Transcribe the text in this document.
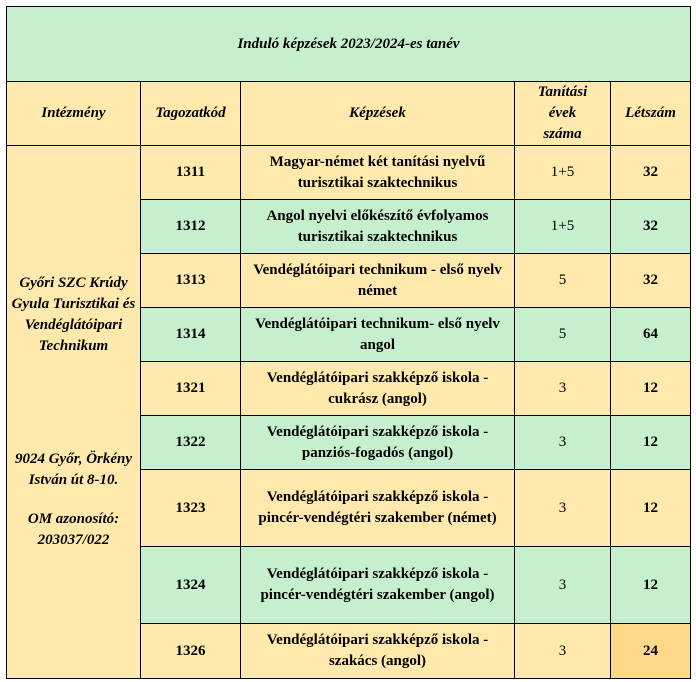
Induló képzések 2023/2024-es tanév				
Intézmény	Tagozatkód	Képzések	Tanítási évek száma	Létszám

Győri SZC Krúdy Gyula Turisztikai és Vendéglátóipari Technikum
9024 Győr, Örkény István út 8-10.
OM azonosító: 203037/022	1311	Magyar-német két tanítási nyelvű turisztikai szaktechnikus	1+5	32
	1312	Angol nyelvi előkészítő évfolyamos turisztikai szaktechnikus	1+5	32
	1313	Vendéglátóipari technikum - első nyelv német	5	32
	1314	Vendéglátóipari technikum- első nyelv angol	5	64
	1321	Vendéglátóipari szakképző iskola - cukrász (angol)	3	12
	1322	Vendéglátóipari szakképző iskola - panziós-fogadós (angol)	3	12
	1323	Vendéglátóipari szakképző iskola - pincér-vendégtéri szakember (német)	3	12
	1324	Vendéglátóipari szakképző iskola - pincér-vendégtéri szakember (angol)	3	12
	1326	Vendéglátóipari szakképző iskola - szakács (angol)	3	24
